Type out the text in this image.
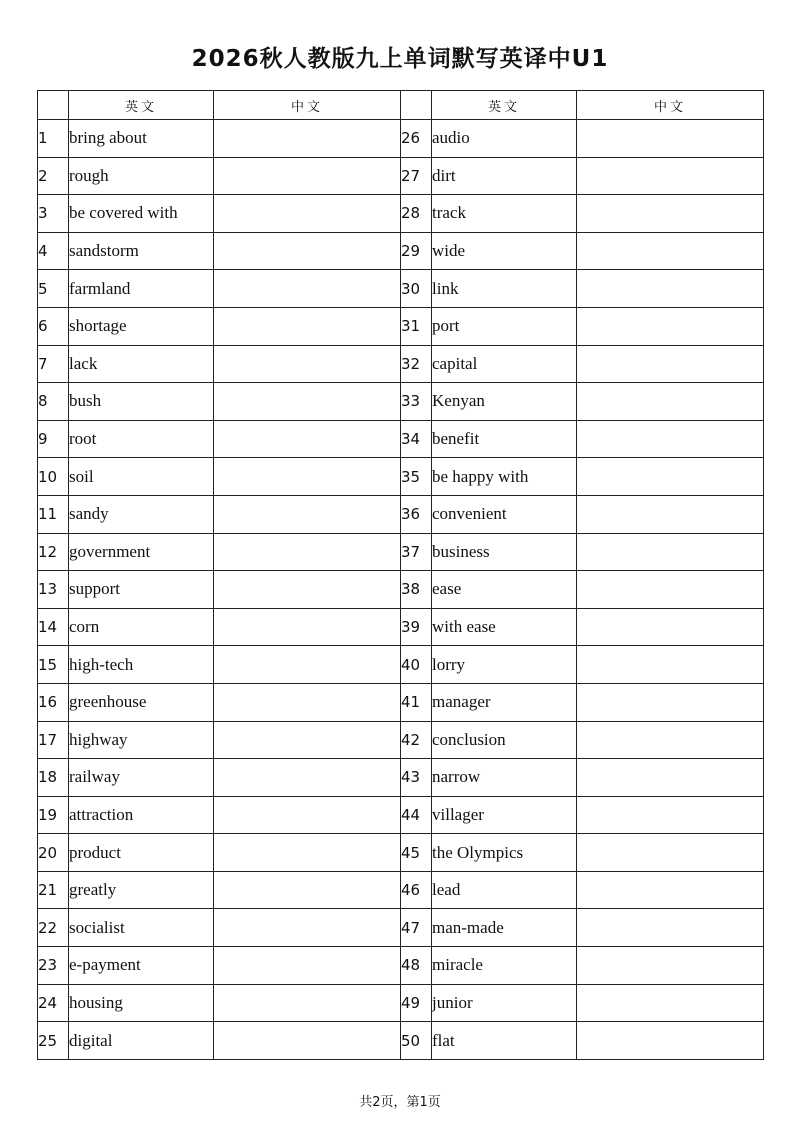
2026秋人教版九上单词默写英译中U1
	英文	中文		英文	中文
1	bring about		26	audio	
2	rough		27	dirt	
3	be covered with		28	track	
4	sandstorm		29	wide	
5	farmland		30	link	
6	shortage		31	port	
7	lack		32	capital	
8	bush		33	Kenyan	
9	root		34	benefit	
10	soil		35	be happy with	
11	sandy		36	convenient	
12	government		37	business	
13	support		38	ease	
14	corn		39	with ease	
15	high-tech		40	lorry	
16	greenhouse		41	manager	
17	highway		42	conclusion	
18	railway		43	narrow	
19	attraction		44	villager	
20	product		45	the Olympics	
21	greatly		46	lead	
22	socialist		47	man-made	
23	e-payment		48	miracle	
24	housing		49	junior	
25	digital		50	flat	
共2页，第1页
